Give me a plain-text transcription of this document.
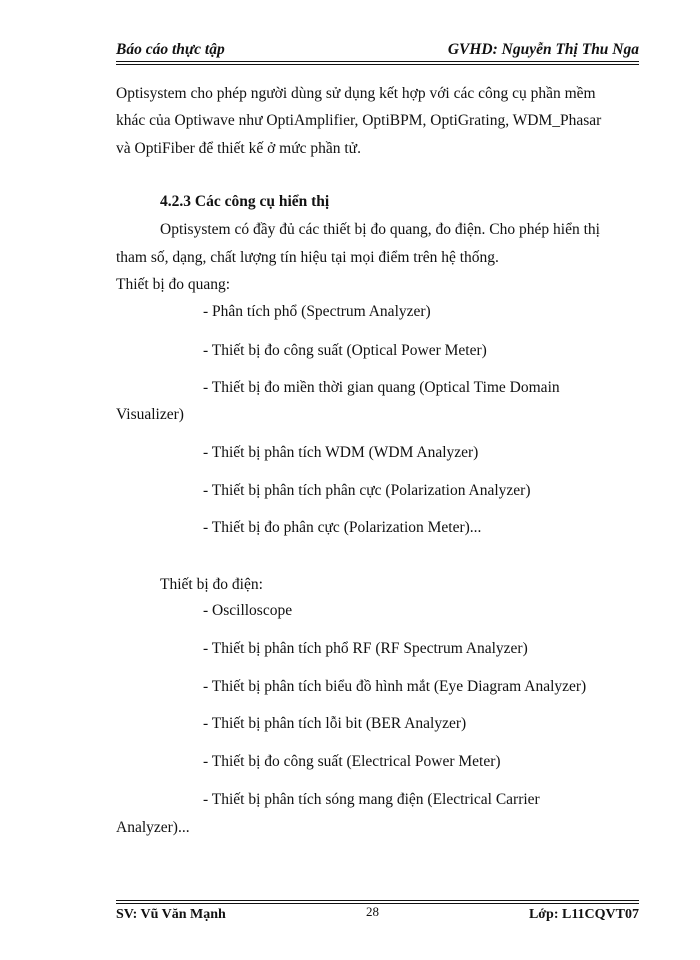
Báo cáo thực tập	GVHD: Nguyễn Thị Thu Nga
Optisystem cho phép người dùng sử dụng kết hợp với các công cụ phần mềm
khác của Optiwave như OptiAmplifier, OptiBPM, OptiGrating, WDM_Phasar
và OptiFiber để thiết kế ở mức phần tử.
4.2.3 Các công cụ hiển thị
Optisystem có đầy đủ các thiết bị đo quang, đo điện. Cho phép hiển thị
tham số, dạng, chất lượng tín hiệu tại mọi điểm trên hệ thống.
Thiết bị đo quang:
- Phân tích phổ (Spectrum Analyzer)
- Thiết bị đo công suất (Optical Power Meter)
- Thiết bị đo miền thời gian quang (Optical Time Domain
Visualizer)
- Thiết bị phân tích WDM (WDM Analyzer)
- Thiết bị phân tích phân cực (Polarization Analyzer)
- Thiết bị đo phân cực (Polarization Meter)...
Thiết bị đo điện:
- Oscilloscope
- Thiết bị phân tích phổ RF (RF Spectrum Analyzer)
- Thiết bị phân tích biểu đồ hình mắt (Eye Diagram Analyzer)
- Thiết bị phân tích lỗi bit (BER Analyzer)
- Thiết bị đo công suất (Electrical Power Meter)
- Thiết bị phân tích sóng mang điện (Electrical Carrier
Analyzer)...
SV: Vũ Văn Mạnh	28	Lớp: L11CQVT07
